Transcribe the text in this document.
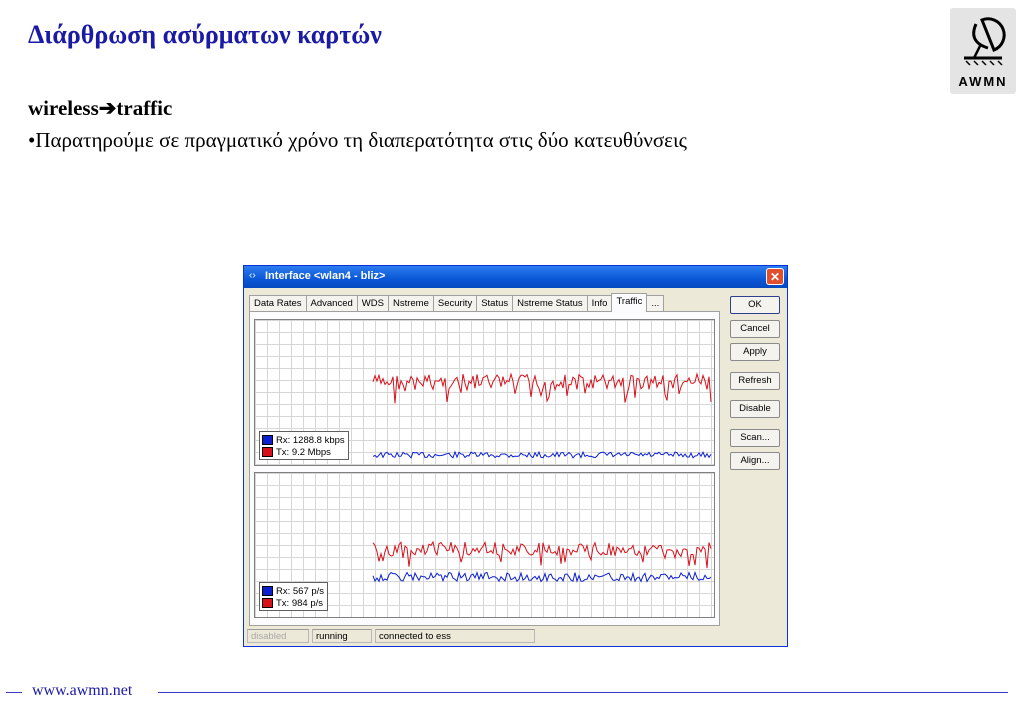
Διάρθρωση ασύρματων καρτών
AWMN
wireless➔traffic
•Παρατηρούμε σε πραγματικό χρόνο τη διαπερατότητα στις δύο κατευθύνσεις
‹› Interface <wlan4 - bliz>	✕
Data Rates Advanced WDS Nstreme Security Status Nstreme Status Info Traffic ...
Rx: 1288.8 kbps
Tx: 9.2 Mbps
Rx: 567 p/s
Tx: 984 p/s
OK
Cancel
Apply
Refresh
Disable
Scan...
Align...
disabled	running	connected to ess
www.awmn.net
